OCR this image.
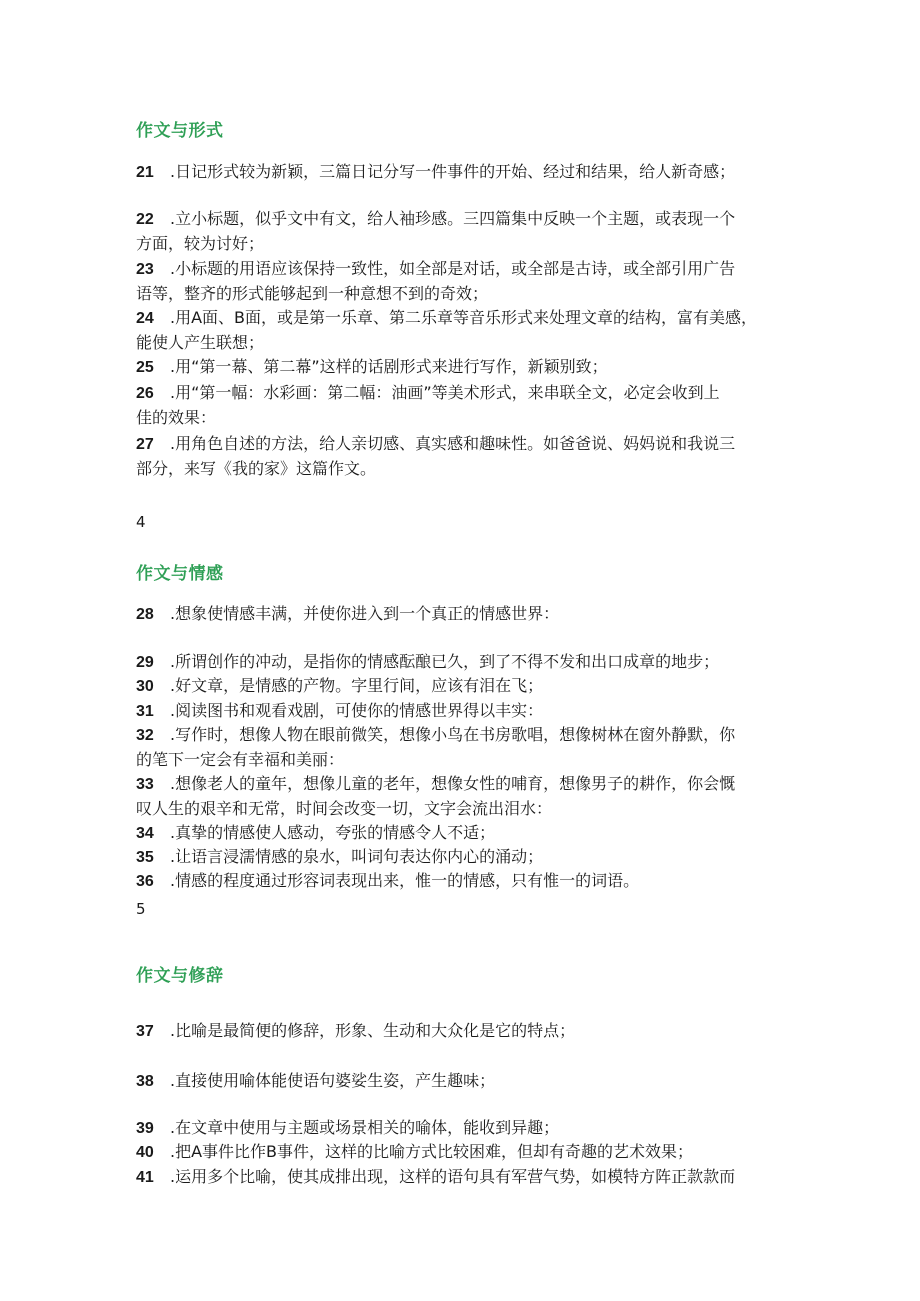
作文与形式
21 .日记形式较为新颖，三篇日记分写一件事件的开始、经过和结果，给人新奇感；
22 .立小标题，似乎文中有文，给人袖珍感。三四篇集中反映一个主题，或表现一个
方面，较为讨好；
23 .小标题的用语应该保持一致性，如全部是对话，或全部是古诗，或全部引用广告
语等，整齐的形式能够起到一种意想不到的奇效；
24 .用A面、B面，或是第一乐章、第二乐章等音乐形式来处理文章的结构，富有美感，
能使人产生联想；
25 .用“第一幕、第二幕”这样的话剧形式来进行写作，新颖别致；
26 .用“第一幅：水彩画：第二幅：油画”等美术形式，来串联全文，必定会收到上
佳的效果：
27 .用角色自述的方法，给人亲切感、真实感和趣味性。如爸爸说、妈妈说和我说三
部分，来写《我的家》这篇作文。
4
作文与情感
28 .想象使情感丰满，并使你进入到一个真正的情感世界：
29 .所谓创作的冲动，是指你的情感酝酿已久，到了不得不发和出口成章的地步；
30 .好文章，是情感的产物。字里行间，应该有泪在飞；
31 .阅读图书和观看戏剧，可使你的情感世界得以丰实：
32 .写作时，想像人物在眼前微笑，想像小鸟在书房歌唱，想像树林在窗外静默，你
的笔下一定会有幸福和美丽：
33 .想像老人的童年，想像儿童的老年，想像女性的哺育，想像男子的耕作，你会慨
叹人生的艰辛和无常，时间会改变一切，文字会流出泪水：
34 .真挚的情感使人感动，夸张的情感令人不适；
35 .让语言浸濡情感的泉水，叫词句表达你内心的涌动；
36 .情感的程度通过形容词表现出来，惟一的情感，只有惟一的词语。
5
作文与修辞
37 .比喻是最简便的修辞，形象、生动和大众化是它的特点；
38 .直接使用喻体能使语句婆娑生姿，产生趣味；
39 .在文章中使用与主题或场景相关的喻体，能收到异趣；
40 .把A事件比作B事件，这样的比喻方式比较困难，但却有奇趣的艺术效果；
41 .运用多个比喻，使其成排出现，这样的语句具有军营气势，如模特方阵正款款而
